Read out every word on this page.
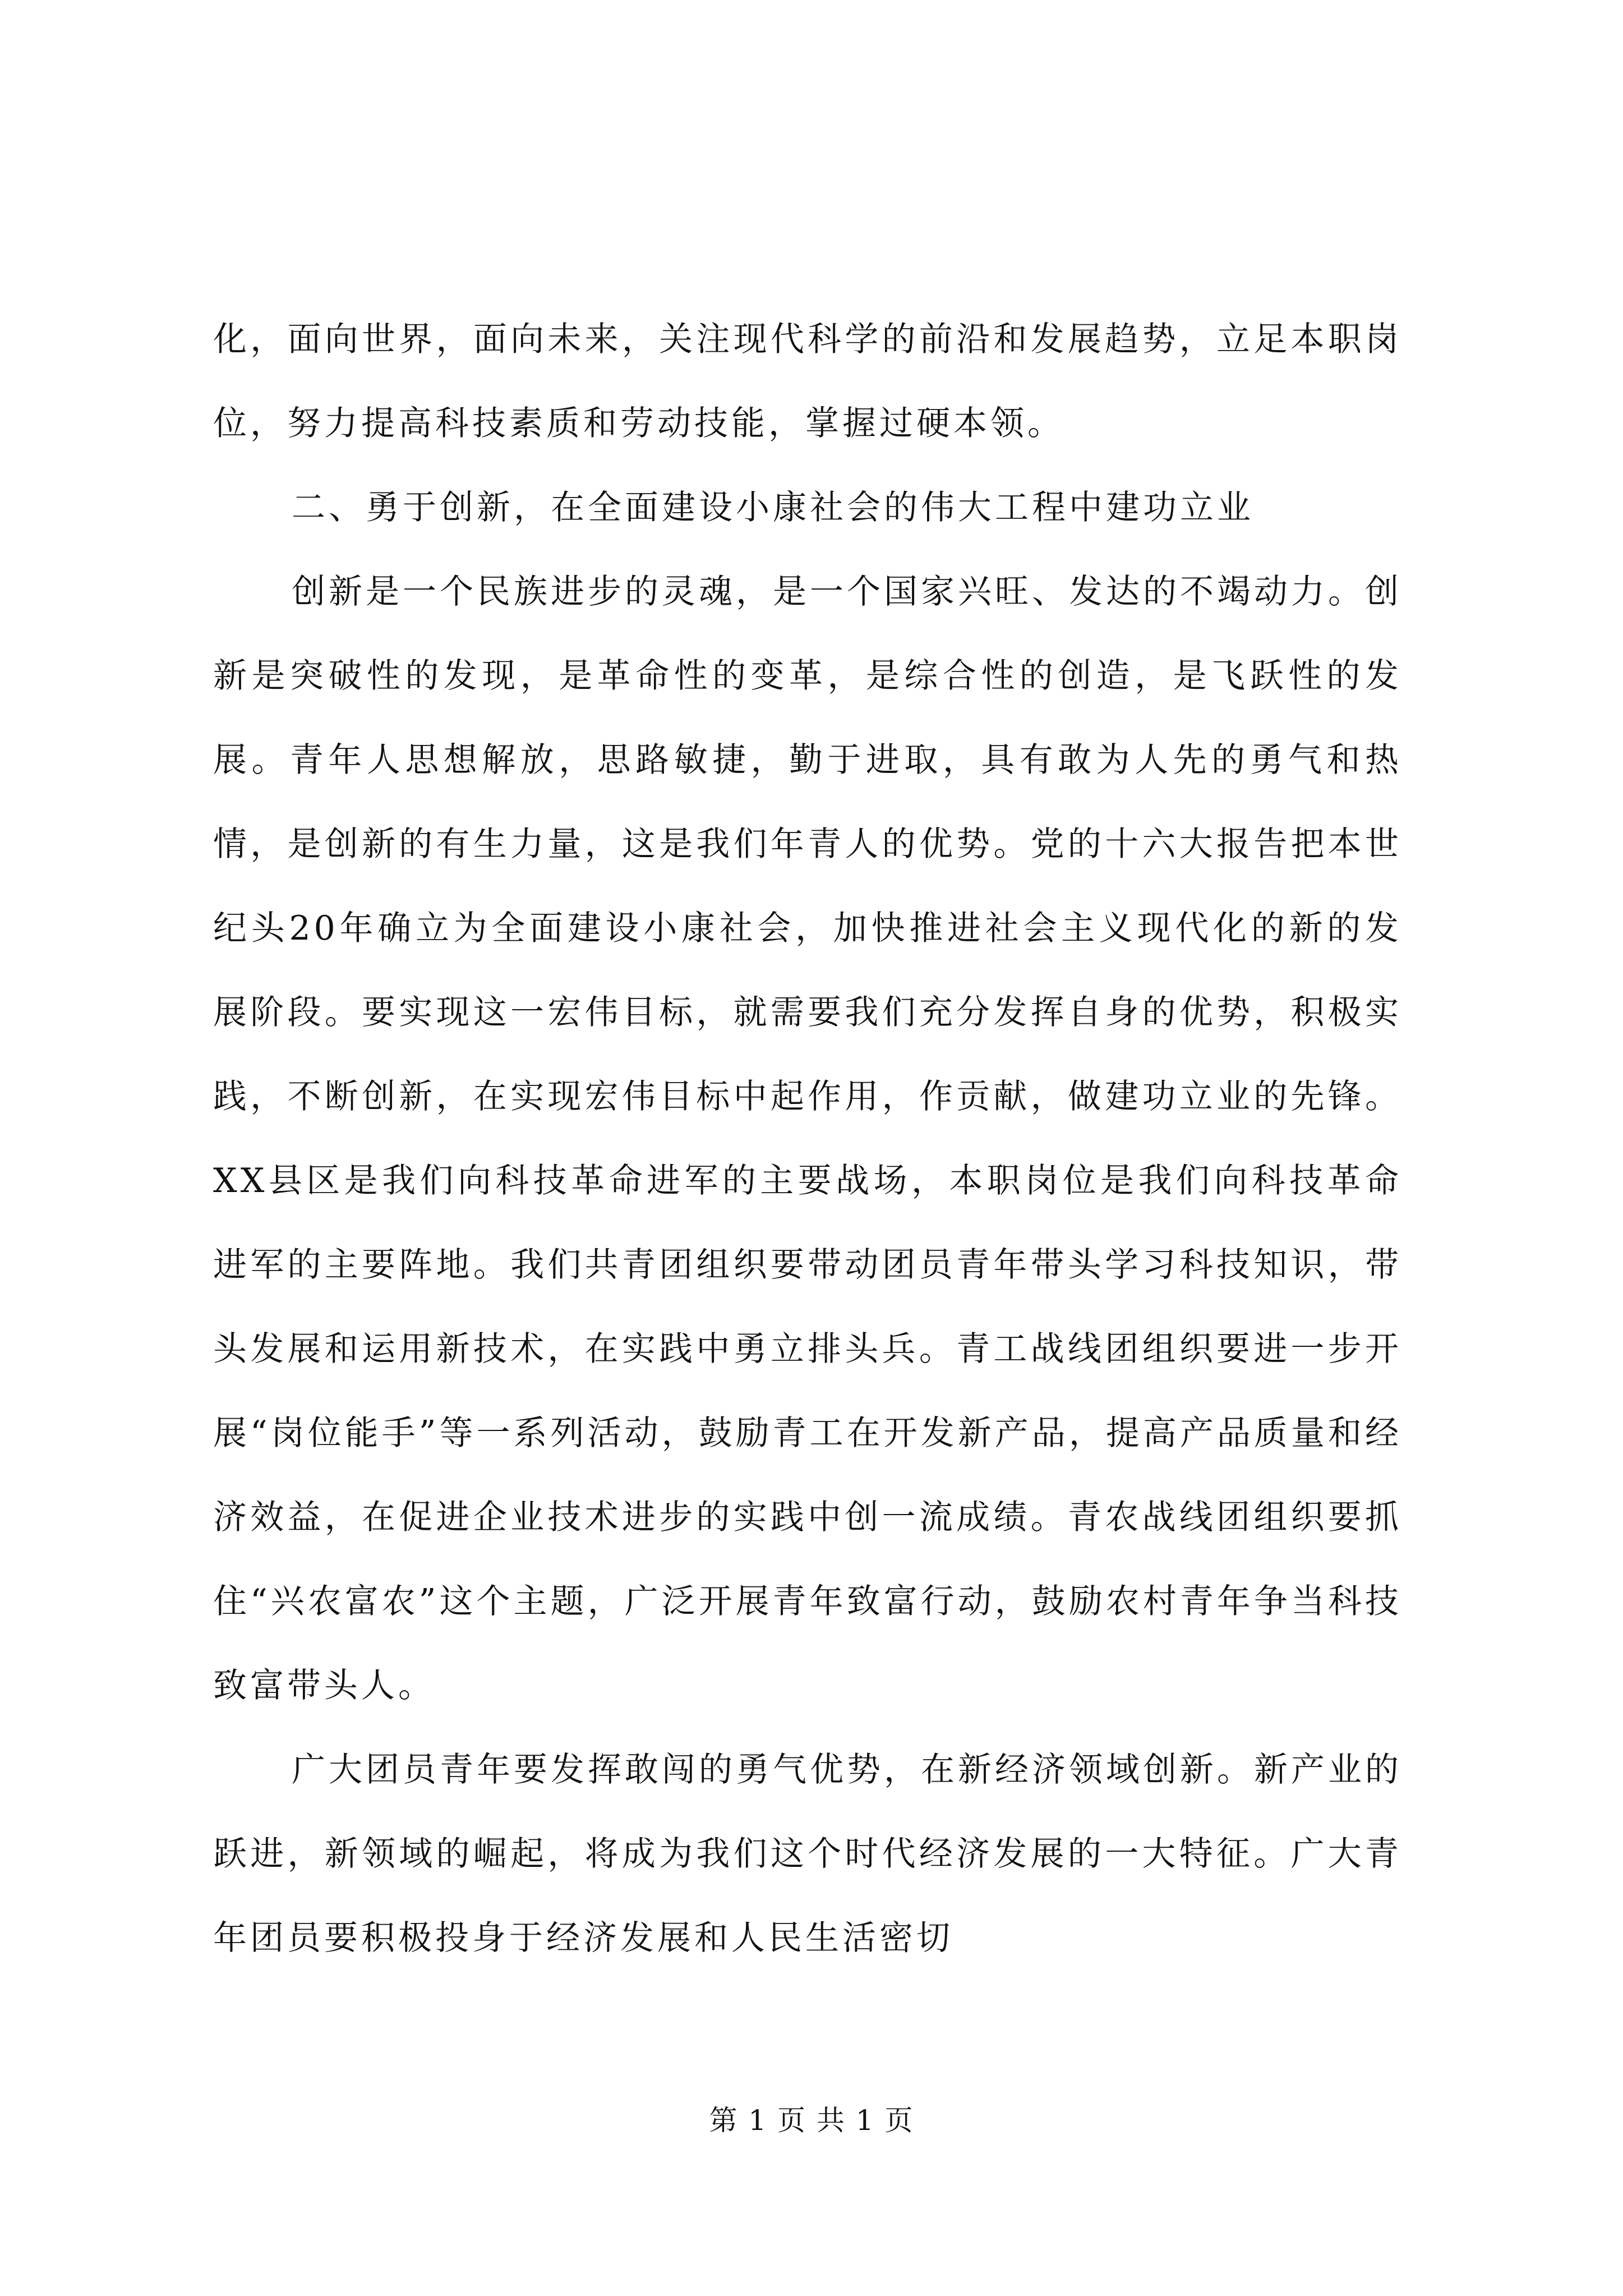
化，面向世界，面向未来，关注现代科学的前沿和发展趋势，立足本职岗位，努力提高科技素质和劳动技能，掌握过硬本领。

二、勇于创新，在全面建设小康社会的伟大工程中建功立业

创新是一个民族进步的灵魂，是一个国家兴旺、发达的不竭动力。创新是突破性的发现，是革命性的变革，是综合性的创造，是飞跃性的发展。青年人思想解放，思路敏捷，勤于进取，具有敢为人先的勇气和热情，是创新的有生力量，这是我们年青人的优势。党的十六大报告把本世纪头20年确立为全面建设小康社会，加快推进社会主义现代化的新的发展阶段。要实现这一宏伟目标，就需要我们充分发挥自身的优势，积极实践，不断创新，在实现宏伟目标中起作用，作贡献，做建功立业的先锋。XX县区是我们向科技革命进军的主要战场，本职岗位是我们向科技革命进军的主要阵地。我们共青团组织要带动团员青年带头学习科技知识，带头发展和运用新技术，在实践中勇立排头兵。青工战线团组织要进一步开展“岗位能手”等一系列活动，鼓励青工在开发新产品，提高产品质量和经济效益，在促进企业技术进步的实践中创一流成绩。青农战线团组织要抓住“兴农富农”这个主题，广泛开展青年致富行动，鼓励农村青年争当科技致富带头人。

广大团员青年要发挥敢闯的勇气优势，在新经济领域创新。新产业的跃进，新领域的崛起，将成为我们这个时代经济发展的一大特征。广大青年团员要积极投身于经济发展和人民生活密切

第 1 页 共 1 页
